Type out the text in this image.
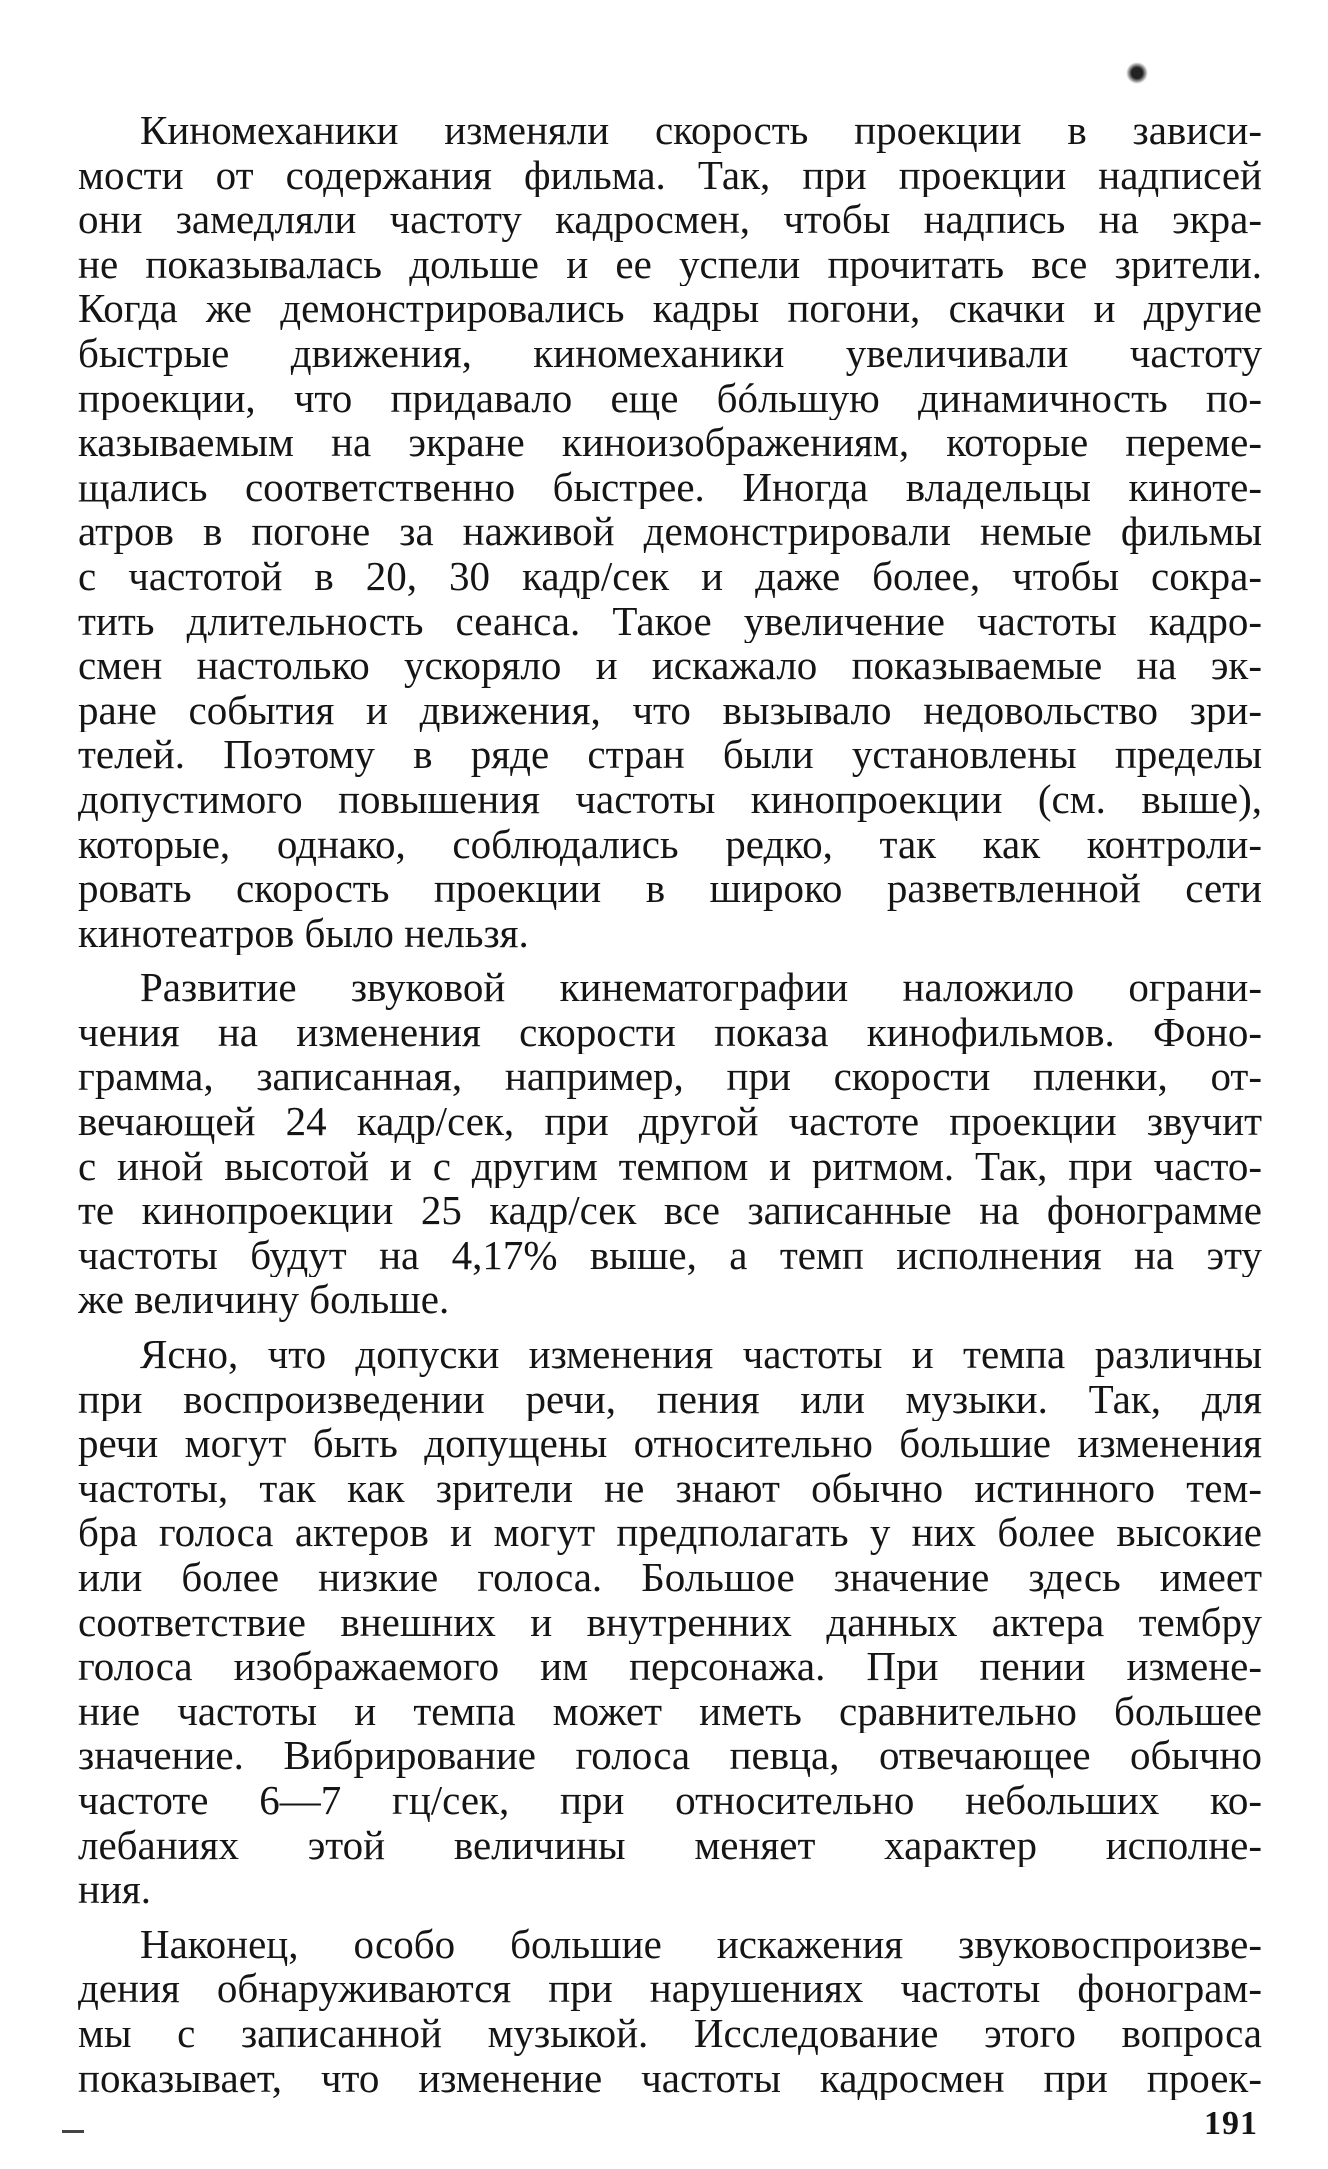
Киномеханики изменяли скорость проекции в зависи-
мости от содержания фильма. Так, при проекции надписей
они замедляли частоту кадросмен, чтобы надпись на экра-
не показывалась дольше и ее успели прочитать все зрители.
Когда же демонстрировались кадры погони, скачки и другие
быстрые движения, киномеханики увеличивали частоту
проекции, что придавало еще бóльшую динамичность по-
казываемым на экране киноизображениям, которые переме-
щались соответственно быстрее. Иногда владельцы киноте-
атров в погоне за наживой демонстрировали немые фильмы
с частотой в 20, 30 кадр/сек и даже более, чтобы сокра-
тить длительность сеанса. Такое увеличение частоты кадро-
смен настолько ускоряло и искажало показываемые на эк-
ране события и движения, что вызывало недовольство зри-
телей. Поэтому в ряде стран были установлены пределы
допустимого повышения частоты кинопроекции (см. выше),
которые, однако, соблюдались редко, так как контроли-
ровать скорость проекции в широко разветвленной сети
кинотеатров было нельзя.
Развитие звуковой кинематографии наложило ограни-
чения на изменения скорости показа кинофильмов. Фоно-
грамма, записанная, например, при скорости пленки, от-
вечающей 24 кадр/сек, при другой частоте проекции звучит
с иной высотой и с другим темпом и ритмом. Так, при часто-
те кинопроекции 25 кадр/сек все записанные на фонограмме
частоты будут на 4,17% выше, а темп исполнения на эту
же величину больше.
Ясно, что допуски изменения частоты и темпа различны
при воспроизведении речи, пения или музыки. Так, для
речи могут быть допущены относительно большие изменения
частоты, так как зрители не знают обычно истинного тем-
бра голоса актеров и могут предполагать у них более высокие
или более низкие голоса. Большое значение здесь имеет
соответствие внешних и внутренних данных актера тембру
голоса изображаемого им персонажа. При пении измене-
ние частоты и темпа может иметь сравнительно большее
значение. Вибрирование голоса певца, отвечающее обычно
частоте 6—7 гц/сек, при относительно небольших ко-
лебаниях этой величины меняет характер исполне-
ния.
Наконец, особо большие искажения звуковоспроизве-
дения обнаруживаются при нарушениях частоты фонограм-
мы с записанной музыкой. Исследование этого вопроса
показывает, что изменение частоты кадросмен при проек-
191
